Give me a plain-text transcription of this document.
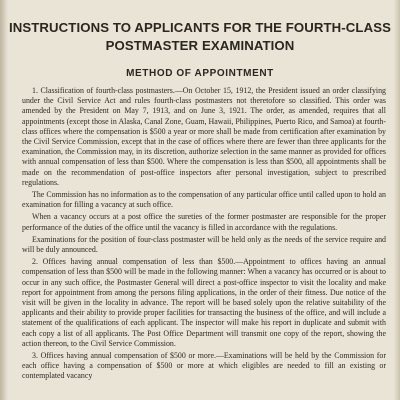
INSTRUCTIONS TO APPLICANTS FOR THE FOURTH-CLASS
POSTMASTER EXAMINATION
METHOD OF APPOINTMENT

1. Classification of fourth-class postmasters.—On October 15, 1912, the President issued an order classifying under the Civil Service Act and rules fourth-class postmasters not theretofore so classified. This order was amended by the President on May 7, 1913, and on June 3, 1921. The order, as amended, requires that all appointments (except those in Alaska, Canal Zone, Guam, Hawaii, Philippines, Puerto Rico, and Samoa) at fourth-class offices where the compensation is $500 a year or more shall be made from certification after examination by the Civil Service Commission, except that in the case of offices where there are fewer than three applicants for the examination, the Commission may, in its discretion, authorize selection in the same manner as provided for offices with annual compensation of less than $500. Where the compensation is less than $500, all appointments shall be made on the recommendation of post-office inspectors after personal investigation, subject to prescribed regulations.

The Commission has no information as to the compensation of any particular office until called upon to hold an examination for filling a vacancy at such office.

When a vacancy occurs at a post office the sureties of the former postmaster are responsible for the proper performance of the duties of the office until the vacancy is filled in accordance with the regulations.

Examinations for the position of four-class postmaster will be held only as the needs of the service require and will be duly announced.

2. Offices having annual compensation of less than $500.—Appointment to offices having an annual compensation of less than $500 will be made in the following manner: When a vacancy has occurred or is about to occur in any such office, the Postmaster General will direct a post-office inspector to visit the locality and make report for appointment from among the persons filing applications, in the order of their fitness. Due notice of the visit will be given in the locality in advance. The report will be based solely upon the relative suitability of the applicants and their ability to provide proper facilities for transacting the business of the office, and will include a statement of the qualifications of each applicant. The inspector will make his report in duplicate and submit with each copy a list of all applicants. The Post Office Department will transmit one copy of the report, showing the action thereon, to the Civil Service Commission.

3. Offices having annual compensation of $500 or more.—Examinations will be held by the Commission for each office having a compensation of $500 or more at which eligibles are needed to fill an existing or contemplated vacancy
